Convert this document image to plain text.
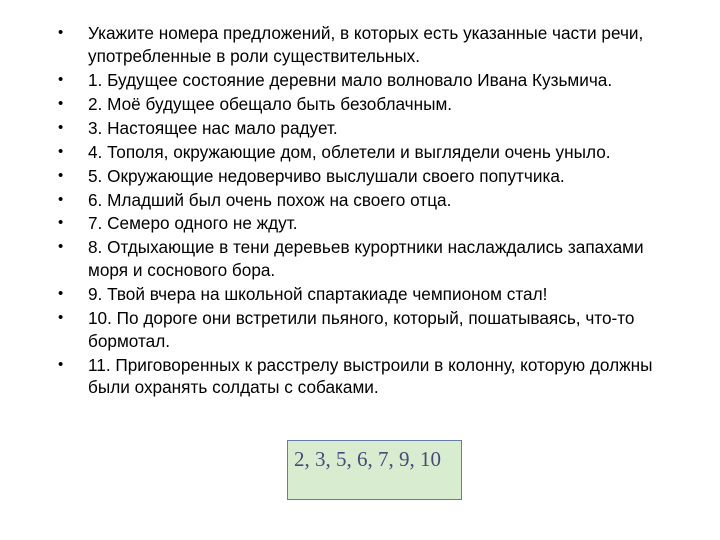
• Укажите номера предложений, в которых есть указанные части речи, употребленные в роли существительных.
• 1. Будущее состояние деревни мало волновало Ивана Кузьмича.
• 2. Моё будущее обещало быть безоблачным.
• 3. Настоящее нас мало радует.
• 4. Тополя, окружающие дом, облетели и выглядели очень уныло.
• 5. Окружающие недоверчиво выслушали своего попутчика.
• 6. Младший был очень похож на своего отца.
• 7. Семеро одного не ждут.
• 8. Отдыхающие в тени деревьев курортники наслаждались запахами моря и соснового бора.
• 9. Твой вчера на школьной спартакиаде чемпионом стал!
• 10. По дороге они встретили пьяного, который, пошатываясь, что-то бормотал.
• 11. Приговоренных к расстрелу выстроили в колонну, которую должны были охранять солдаты с собаками.
2, 3, 5, 6, 7, 9, 10
